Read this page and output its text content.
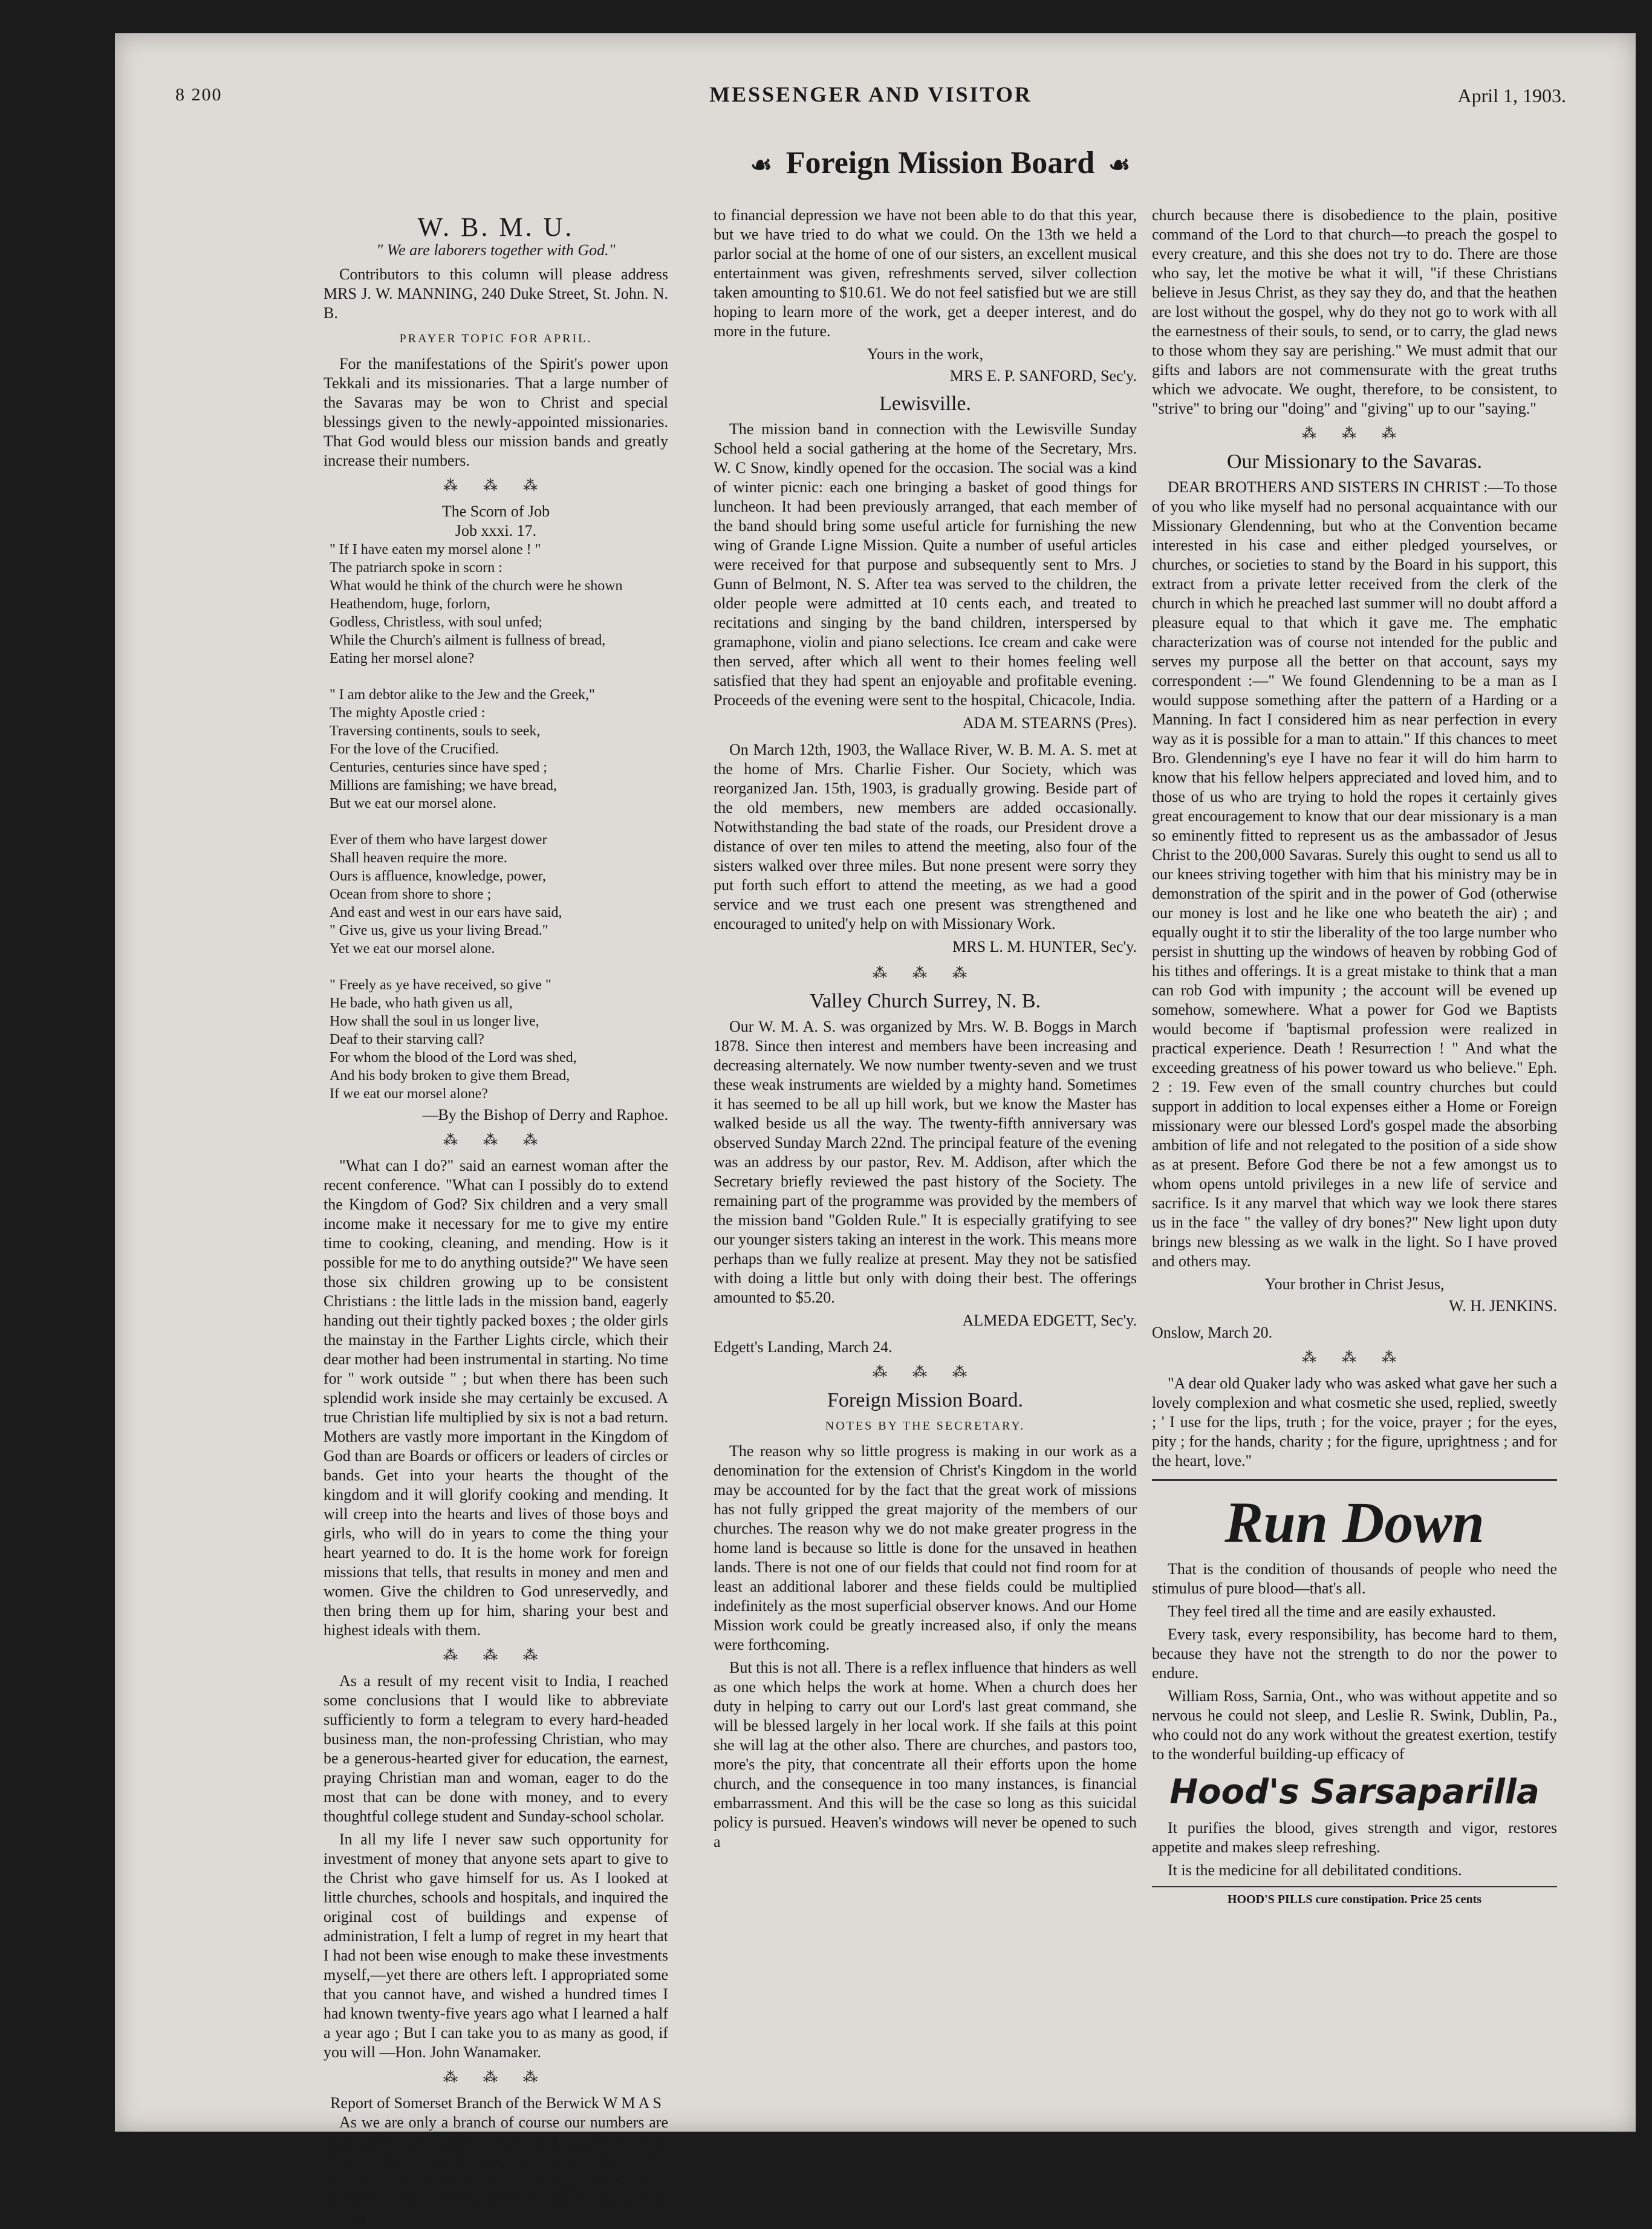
8 200	MESSENGER AND VISITOR	April 1, 1903.
☙ Foreign Mission Board ☙
W. B. M. U.
" We are laborers together with God."

Contributors to this column will please address MRS J. W. MANNING, 240 Duke Street, St. John. N. B.

PRAYER TOPIC FOR APRIL.

For the manifestations of the Spirit's power upon Tekkali and its missionaries. That a large number of the Savaras may be won to Christ and special blessings given to the newly-appointed missionaries. That God would bless our mission bands and greatly increase their numbers.

⁂ ⁂ ⁂
The Scorn of Job
Job xxxi. 17.
" If I have eaten my morsel alone ! "
The patriarch spoke in scorn :
What would he think of the church were he shown
Heathendom, huge, forlorn,
Godless, Christless, with soul unfed;
While the Church's ailment is fullness of bread,
Eating her morsel alone?

" I am debtor alike to the Jew and the Greek,"
The mighty Apostle cried :
Traversing continents, souls to seek,
For the love of the Crucified.
Centuries, centuries since have sped ;
Millions are famishing; we have bread,
But we eat our morsel alone.

Ever of them who have largest dower
Shall heaven require the more.
Ours is affluence, knowledge, power,
Ocean from shore to shore ;
And east and west in our ears have said,
" Give us, give us your living Bread."
Yet we eat our morsel alone.

" Freely as ye have received, so give "
He bade, who hath given us all,
How shall the soul in us longer live,
Deaf to their starving call?
For whom the blood of the Lord was shed,
And his body broken to give them Bread,
If we eat our morsel alone?
—By the Bishop of Derry and Raphoe.
⁂ ⁂ ⁂

"What can I do?" said an earnest woman after the recent conference. "What can I possibly do to extend the Kingdom of God? Six children and a very small income make it necessary for me to give my entire time to cooking, cleaning, and mending. How is it possible for me to do anything outside?" We have seen those six children growing up to be consistent Christians : the little lads in the mission band, eagerly handing out their tightly packed boxes ; the older girls the mainstay in the Farther Lights circle, which their dear mother had been instrumental in starting. No time for " work outside " ; but when there has been such splendid work inside she may certainly be excused. A true Christian life multiplied by six is not a bad return. Mothers are vastly more important in the Kingdom of God than are Boards or officers or leaders of circles or bands. Get into your hearts the thought of the kingdom and it will glorify cooking and mending. It will creep into the hearts and lives of those boys and girls, who will do in years to come the thing your heart yearned to do. It is the home work for foreign missions that tells, that results in money and men and women. Give the children to God unreservedly, and then bring them up for him, sharing your best and highest ideals with them.

⁂ ⁂ ⁂

As a result of my recent visit to India, I reached some conclusions that I would like to abbreviate sufficiently to form a telegram to every hard-headed business man, the non-professing Christian, who may be a generous-hearted giver for education, the earnest, praying Christian man and woman, eager to do the most that can be done with money, and to every thoughtful college student and Sunday-school scholar.

In all my life I never saw such opportunity for investment of money that anyone sets apart to give to the Christ who gave himself for us. As I looked at little churches, schools and hospitals, and inquired the original cost of buildings and expense of administration, I felt a lump of regret in my heart that I had not been wise enough to make these investments myself,—yet there are others left. I appropriated some that you cannot have, and wished a hundred times I had known twenty-five years ago what I learned a half a year ago ; But I can take you to as many as good, if you will —Hon. John Wanamaker.

⁂ ⁂ ⁂
Report of Somerset Branch of the Berwick W M A S

As we are only a branch of course our numbers are necessarily quite small, but we are I trust keeping up the interest in our sisters beyond the sea. During the years 1901, 1902, we had the privilege of bestowing the honor of life membership on one of our sisters. Owing

to financial depression we have not been able to do that this year, but we have tried to do what we could. On the 13th we held a parlor social at the home of one of our sisters, an excellent musical entertainment was given, refreshments served, silver collection taken amounting to $10.61. We do not feel satisfied but we are still hoping to learn more of the work, get a deeper interest, and do more in the future.

Yours in the work,
MRS E. P. SANFORD, Sec'y.
Lewisville.

The mission band in connection with the Lewisville Sunday School held a social gathering at the home of the Secretary, Mrs. W. C Snow, kindly opened for the occasion. The social was a kind of winter picnic: each one bringing a basket of good things for luncheon. It had been previously arranged, that each member of the band should bring some useful article for furnishing the new wing of Grande Ligne Mission. Quite a number of useful articles were received for that purpose and subsequently sent to Mrs. J Gunn of Belmont, N. S. After tea was served to the children, the older people were admitted at 10 cents each, and treated to recitations and singing by the band children, interspersed by gramaphone, violin and piano selections. Ice cream and cake were then served, after which all went to their homes feeling well satisfied that they had spent an enjoyable and profitable evening. Proceeds of the evening were sent to the hospital, Chicacole, India.

ADA M. STEARNS (Pres).

On March 12th, 1903, the Wallace River, W. B. M. A. S. met at the home of Mrs. Charlie Fisher. Our Society, which was reorganized Jan. 15th, 1903, is gradually growing. Beside part of the old members, new members are added occasionally. Notwithstanding the bad state of the roads, our President drove a distance of over ten miles to attend the meeting, also four of the sisters walked over three miles. But none present were sorry they put forth such effort to attend the meeting, as we had a good service and we trust each one present was strengthened and encouraged to united'y help on with Missionary Work.

MRS L. M. HUNTER, Sec'y.
⁂ ⁂ ⁂
Valley Church Surrey, N. B.

Our W. M. A. S. was organized by Mrs. W. B. Boggs in March 1878. Since then interest and members have been increasing and decreasing alternately. We now number twenty-seven and we trust these weak instruments are wielded by a mighty hand. Sometimes it has seemed to be all up hill work, but we know the Master has walked beside us all the way. The twenty-fifth anniversary was observed Sunday March 22nd. The principal feature of the evening was an address by our pastor, Rev. M. Addison, after which the Secretary briefly reviewed the past history of the Society. The remaining part of the programme was provided by the members of the mission band "Golden Rule." It is especially gratifying to see our younger sisters taking an interest in the work. This means more perhaps than we fully realize at present. May they not be satisfied with doing a little but only with doing their best. The offerings amounted to $5.20.

ALMEDA EDGETT, Sec'y.
Edgett's Landing, March 24.
⁂ ⁂ ⁂
Foreign Mission Board.
NOTES BY THE SECRETARY.

The reason why so little progress is making in our work as a denomination for the extension of Christ's Kingdom in the world may be accounted for by the fact that the great work of missions has not fully gripped the great majority of the members of our churches. The reason why we do not make greater progress in the home land is because so little is done for the unsaved in heathen lands. There is not one of our fields that could not find room for at least an additional laborer and these fields could be multiplied indefinitely as the most superficial observer knows. And our Home Mission work could be greatly increased also, if only the means were forthcoming.

But this is not all. There is a reflex influence that hinders as well as one which helps the work at home. When a church does her duty in helping to carry out our Lord's last great command, she will be blessed largely in her local work. If she fails at this point she will lag at the other also. There are churches, and pastors too, more's the pity, that concentrate all their efforts upon the home church, and the consequence in too many instances, is financial embarrassment. And this will be the case so long as this suicidal policy is pursued. Heaven's windows will never be opened to such a

church because there is disobedience to the plain, positive command of the Lord to that church—to preach the gospel to every creature, and this she does not try to do. There are those who say, let the motive be what it will, "if these Christians believe in Jesus Christ, as they say they do, and that the heathen are lost without the gospel, why do they not go to work with all the earnestness of their souls, to send, or to carry, the glad news to those whom they say are perishing." We must admit that our gifts and labors are not commensurate with the great truths which we advocate. We ought, therefore, to be consistent, to "strive" to bring our "doing" and "giving" up to our "saying."

⁂ ⁂ ⁂
Our Missionary to the Savaras.

DEAR BROTHERS AND SISTERS IN CHRIST :—To those of you who like myself had no personal acquaintance with our Missionary Glendenning, but who at the Convention became interested in his case and either pledged yourselves, or churches, or societies to stand by the Board in his support, this extract from a private letter received from the clerk of the church in which he preached last summer will no doubt afford a pleasure equal to that which it gave me. The emphatic characterization was of course not intended for the public and serves my purpose all the better on that account, says my correspondent :—" We found Glendenning to be a man as I would suppose something after the pattern of a Harding or a Manning. In fact I considered him as near perfection in every way as it is possible for a man to attain." If this chances to meet Bro. Glendenning's eye I have no fear it will do him harm to know that his fellow helpers appreciated and loved him, and to those of us who are trying to hold the ropes it certainly gives great encouragement to know that our dear missionary is a man so eminently fitted to represent us as the ambassador of Jesus Christ to the 200,000 Savaras. Surely this ought to send us all to our knees striving together with him that his ministry may be in demonstration of the spirit and in the power of God (otherwise our money is lost and he like one who beateth the air) ; and equally ought it to stir the liberality of the too large number who persist in shutting up the windows of heaven by robbing God of his tithes and offerings. It is a great mistake to think that a man can rob God with impunity ; the account will be evened up somehow, somewhere. What a power for God we Baptists would become if 'baptismal profession were realized in practical experience. Death ! Resurrection ! " And what the exceeding greatness of his power toward us who believe." Eph. 2 : 19. Few even of the small country churches but could support in addition to local expenses either a Home or Foreign missionary were our blessed Lord's gospel made the absorbing ambition of life and not relegated to the position of a side show as at present. Before God there be not a few amongst us to whom opens untold privileges in a new life of service and sacrifice. Is it any marvel that which way we look there stares us in the face " the valley of dry bones?" New light upon duty brings new blessing as we walk in the light. So I have proved and others may.

Your brother in Christ Jesus,
W. H. JENKINS.
Onslow, March 20.
⁂ ⁂ ⁂

"A dear old Quaker lady who was asked what gave her such a lovely complexion and what cosmetic she used, replied, sweetly ; ' I use for the lips, truth ; for the voice, prayer ; for the eyes, pity ; for the hands, charity ; for the figure, uprightness ; and for the heart, love."

Run Down

That is the condition of thousands of people who need the stimulus of pure blood—that's all.

They feel tired all the time and are easily exhausted.

Every task, every responsibility, has become hard to them, because they have not the strength to do nor the power to endure.

William Ross, Sarnia, Ont., who was without appetite and so nervous he could not sleep, and Leslie R. Swink, Dublin, Pa., who could not do any work without the greatest exertion, testify to the wonderful building-up efficacy of

Hood's Sarsaparilla

It purifies the blood, gives strength and vigor, restores appetite and makes sleep refreshing.

It is the medicine for all debilitated conditions.

HOOD'S PILLS cure constipation. Price 25 cents
